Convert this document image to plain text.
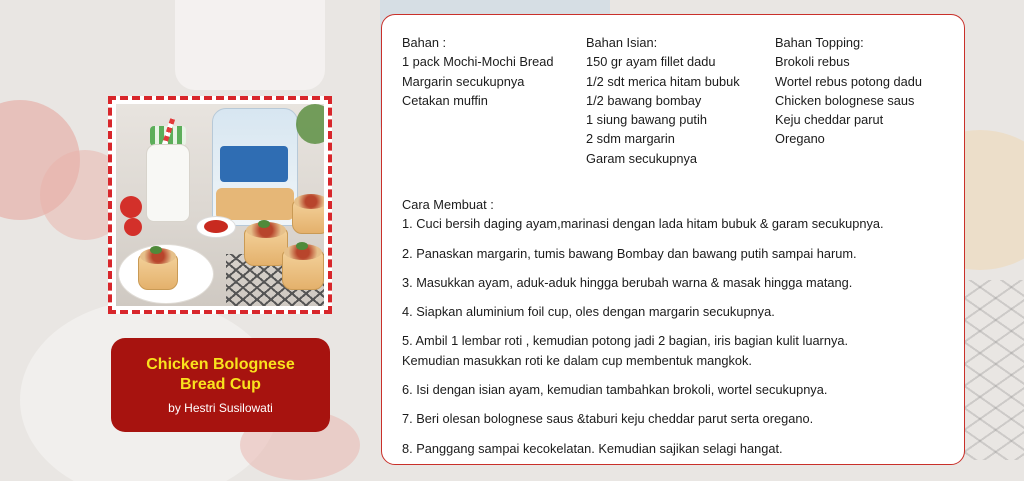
Chicken Bolognese
Bread Cup
by Hestri Susilowati
Bahan :
1 pack Mochi-Mochi Bread
Margarin secukupnya
Cetakan muffin
Bahan Isian:
150 gr ayam fillet dadu
1/2 sdt merica hitam bubuk
1/2 bawang bombay
1 siung bawang putih
2 sdm margarin
Garam secukupnya
Bahan Topping:
Brokoli rebus
Wortel rebus potong dadu
Chicken bolognese saus
Keju cheddar parut
Oregano
Cara Membuat :
1. Cuci bersih daging ayam,marinasi dengan lada hitam bubuk & garam secukupnya.
2. Panaskan margarin, tumis bawang Bombay dan bawang putih sampai harum.
3. Masukkan ayam, aduk-aduk hingga berubah warna & masak hingga matang.
4. Siapkan aluminium foil cup, oles dengan margarin secukupnya.
5. Ambil 1 lembar roti , kemudian potong jadi 2 bagian, iris bagian kulit luarnya.
Kemudian masukkan roti ke dalam cup membentuk mangkok.
6. Isi dengan isian ayam, kemudian tambahkan brokoli, wortel secukupnya.
7. Beri olesan bolognese saus &taburi keju cheddar parut serta oregano.
8. Panggang sampai kecokelatan. Kemudian sajikan selagi hangat.
